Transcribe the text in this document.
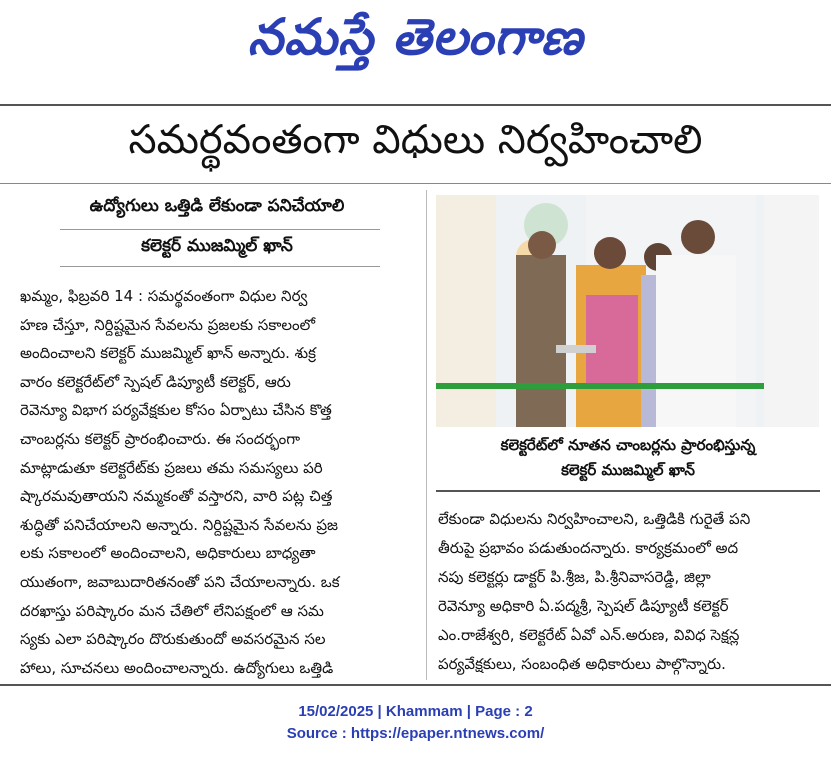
నమస్తే తెలంగాణ
సమర్థవంతంగా విధులు నిర్వహించాలి
ఉద్యోగులు ఒత్తిడి లేకుండా పనిచేయాలి
కలెక్టర్ ముజమ్మిల్ ఖాన్
ఖమ్మం, ఫిబ్రవరి 14 : సమర్థవంతంగా విధుల నిర్వ
హణ చేస్తూ, నిర్దిష్టమైన సేవలను ప్రజలకు సకాలంలో
అందించాలని కలెక్టర్ ముజమ్మిల్ ఖాన్ అన్నారు. శుక్ర
వారం కలెక్టరేట్‌లో స్పెషల్ డిప్యూటీ కలెక్టర్, ఆరు
రెవెన్యూ విభాగ పర్యవేక్షకుల కోసం ఏర్పాటు చేసిన కొత్త
చాంబర్లను కలెక్టర్ ప్రారంభించారు. ఈ సందర్భంగా
మాట్లాడుతూ కలెక్టరేట్‌కు ప్రజలు తమ సమస్యలు పరి
ష్కారమవుతాయని నమ్మకంతో వస్తారని, వారి పట్ల చిత్త
శుద్ధితో పనిచేయాలని అన్నారు. నిర్దిష్టమైన సేవలను ప్రజ
లకు సకాలంలో అందించాలని, అధికారులు బాధ్యతా
యుతంగా, జవాబుదారితనంతో పని చేయాలన్నారు. ఒక
దరఖాస్తు పరిష్కారం మన చేతిలో లేనిపక్షంలో ఆ సమ
స్యకు ఎలా పరిష్కారం దొరుకుతుందో అవసరమైన సల
హాలు, సూచనలు అందించాలన్నారు. ఉద్యోగులు ఒత్తిడి
కలెక్టరేట్‌లో నూతన చాంబర్లను ప్రారంభిస్తున్న
కలెక్టర్ ముజమ్మిల్ ఖాన్
లేకుండా విధులను నిర్వహించాలని, ఒత్తిడికి గురైతే పని
తీరుపై ప్రభావం పడుతుందన్నారు. కార్యక్రమంలో అద
నపు కలెక్టర్లు డాక్టర్ పి.శ్రీజ, పి.శ్రీనివాసరెడ్డి, జిల్లా
రెవెన్యూ అధికారి ఏ.పద్మశ్రీ, స్పెషల్ డిప్యూటీ కలెక్టర్
ఎం.రాజేశ్వరి, కలెక్టరేట్ ఏవో ఎన్.అరుణ, వివిధ సెక్షన్ల
పర్యవేక్షకులు, సంబంధిత అధికారులు పాల్గొన్నారు.
15/02/2025 | Khammam | Page : 2
Source : https://epaper.ntnews.com/
